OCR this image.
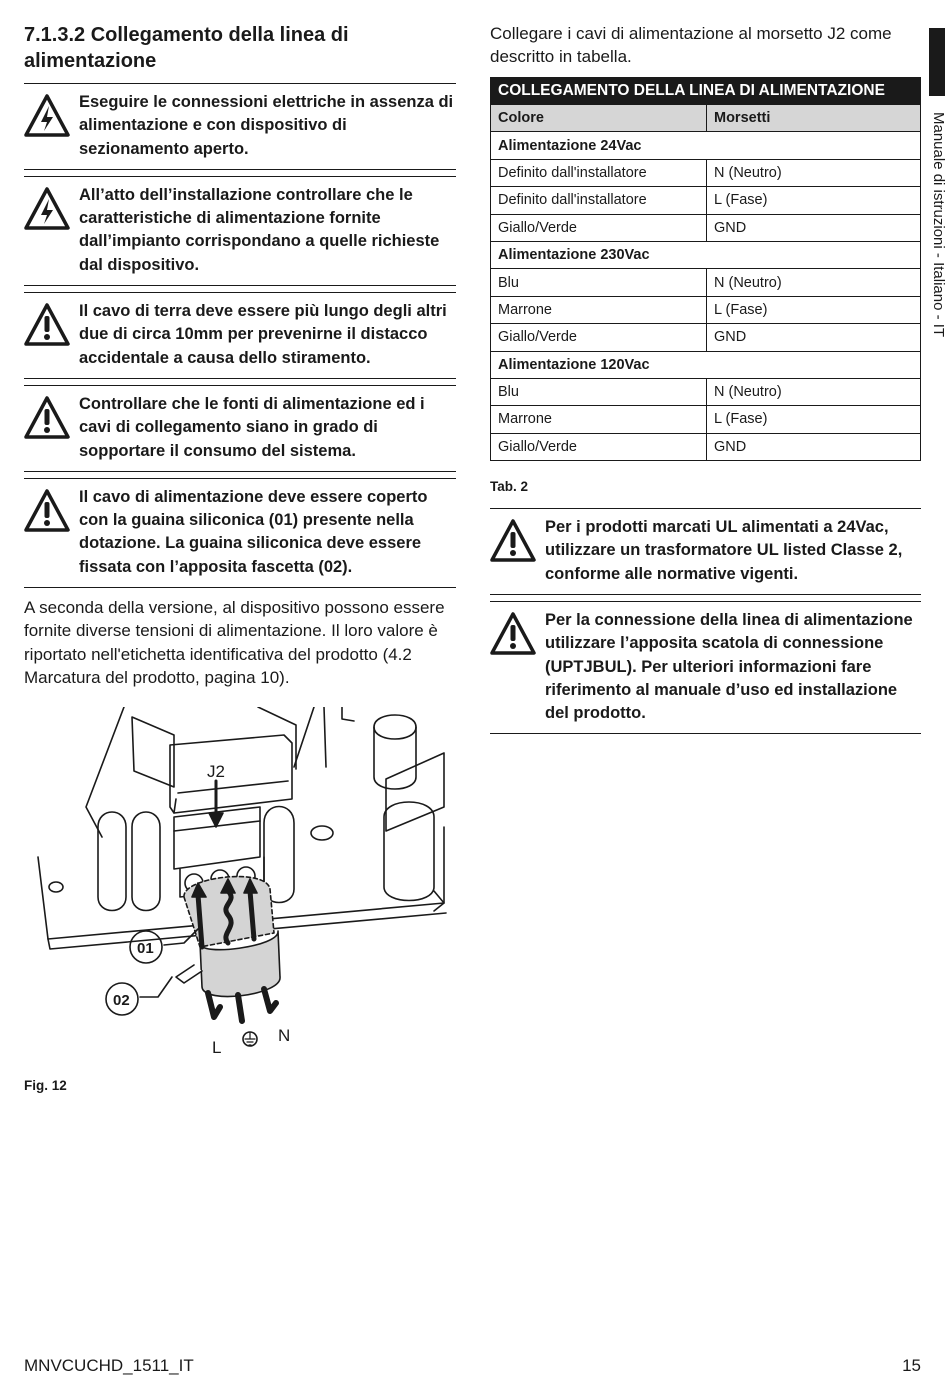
7.1.3.2 Collegamento della linea di alimentazione
Eseguire le connessioni elettriche in assenza di alimentazione e con dispositivo di sezionamento aperto.
All’atto dell’installazione controllare che le caratteristiche di alimentazione fornite dall’impianto corrispondano a quelle richieste dal dispositivo.
Il cavo di terra deve essere più lungo degli altri due di circa 10mm per prevenirne il distacco accidentale a causa dello stiramento.
Controllare che le fonti di alimentazione ed i cavi di collegamento siano in grado di sopportare il consumo del sistema.
Il cavo di alimentazione deve essere coperto con la guaina siliconica (01) presente nella dotazione. La guaina siliconica deve essere fissata con l’apposita fascetta (02).

A seconda della versione, al dispositivo possono essere fornite diverse tensioni di alimentazione. Il loro valore è riportato nell'etichetta identificativa del prodotto (4.2 Marcatura del prodotto, pagina 10).

J2
01
02
L
N
Fig. 12

Collegare i cavi di alimentazione al morsetto J2 come descritto in tabella.

COLLEGAMENTO DELLA LINEA DI ALIMENTAZIONE	
Colore	Morsetti
Alimentazione 24Vac	
Definito dall'installatore	N (Neutro)
Definito dall'installatore	L (Fase)
Giallo/Verde	GND
Alimentazione 230Vac	
Blu	N (Neutro)
Marrone	L (Fase)
Giallo/Verde	GND
Alimentazione 120Vac	
Blu	N (Neutro)
Marrone	L (Fase)
Giallo/Verde	GND
Tab. 2
Per i prodotti marcati UL alimentati a 24Vac, utilizzare un trasformatore UL listed Classe 2, conforme alle normative vigenti.
Per la connessione della linea di alimentazione utilizzare l’apposita scatola di connessione (UPTJBUL). Per ulteriori informazioni fare riferimento al manuale d’uso ed installazione del prodotto.
Manuale di istruzioni - Italiano - IT
MNVCUCHD_1511_IT	15
